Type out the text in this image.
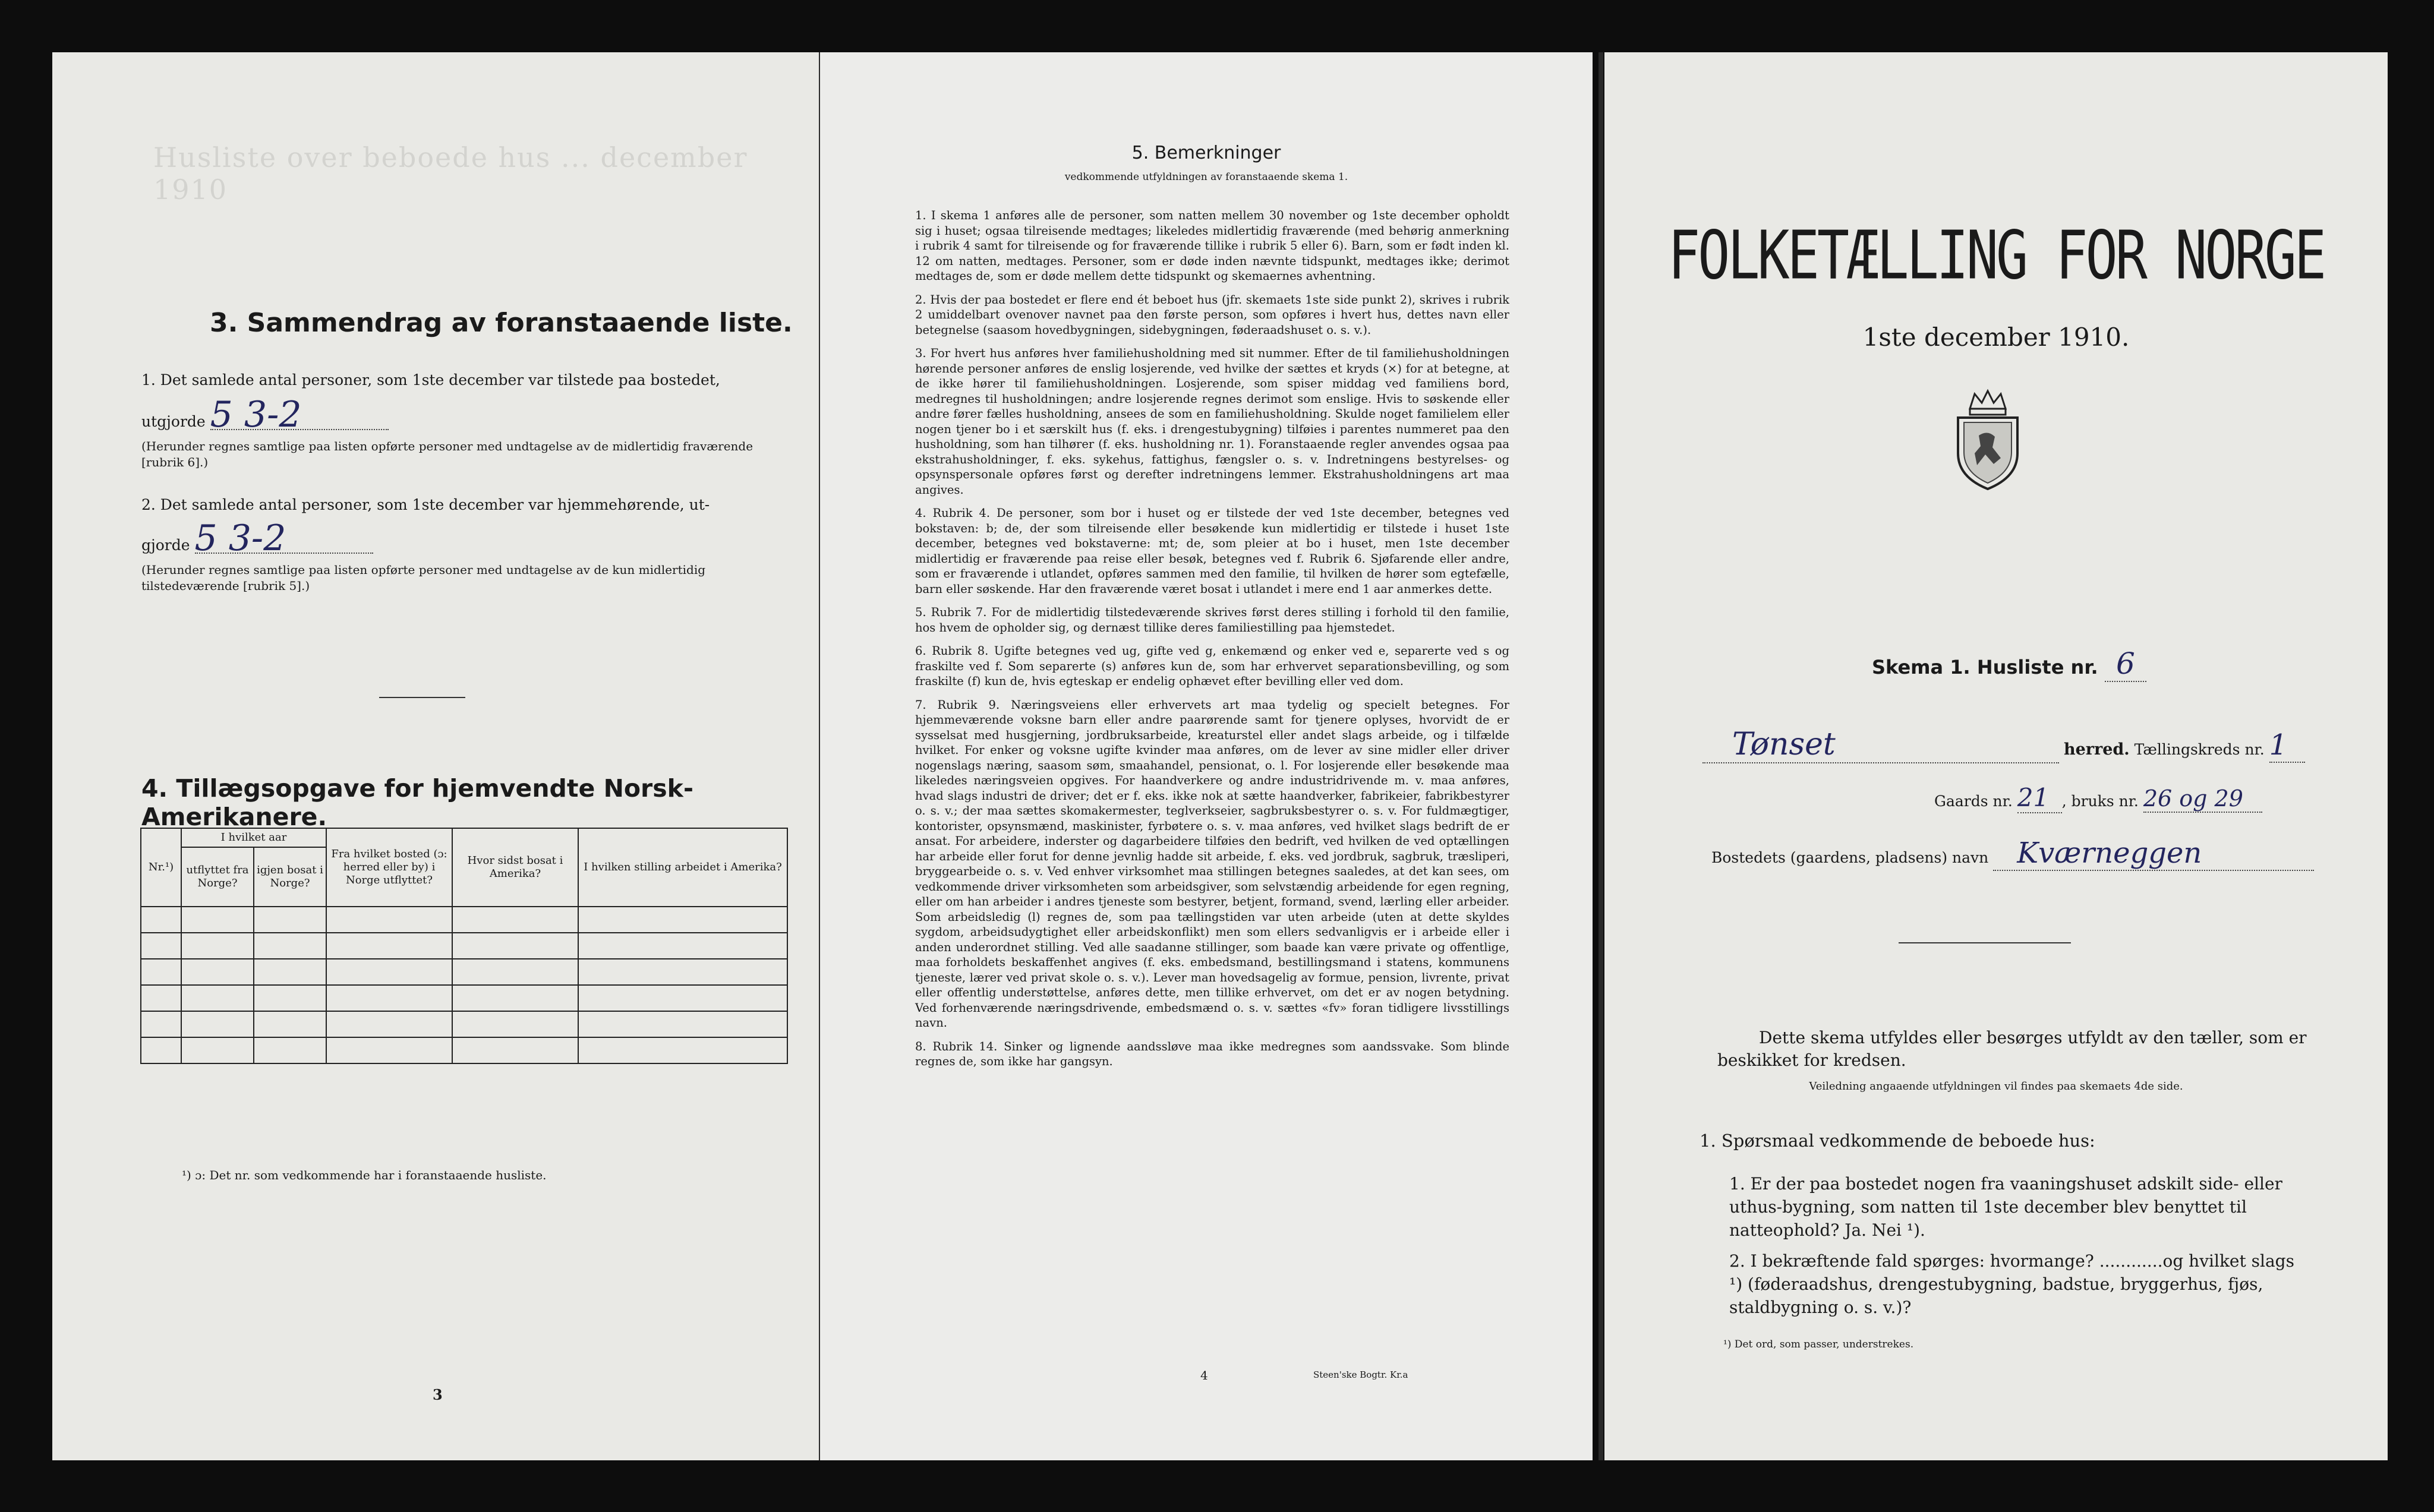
Husliste over beboede hus ... december 1910
3. Sammendrag av foranstaaende liste.
1. Det samlede antal personer, som 1ste december var tilstede paa bostedet,
utgjorde 5 3-2
(Herunder regnes samtlige paa listen opførte personer med undtagelse av de midlertidig fraværende [rubrik 6].)
2. Det samlede antal personer, som 1ste december var hjemmehørende, ut-
gjorde 5 3-2
(Herunder regnes samtlige paa listen opførte personer med undtagelse av de kun midlertidig tilstedeværende [rubrik 5].)
4. Tillægsopgave for hjemvendte Norsk-Amerikanere.
Nr.¹)	I hvilket aar		Fra hvilket bosted (ɔ: herred eller by) i Norge utflyttet?	Hvor sidst bosat i Amerika?	I hvilken stilling arbeidet i Amerika?
	utflyttet fra Norge?	igjen bosat i Norge?			

¹) ɔ: Det nr. som vedkommende har i foranstaaende husliste.
3
5. Bemerkninger
vedkommende utfyldningen av foranstaaende skema 1.

1. I skema 1 anføres alle de personer, som natten mellem 30 november og 1ste december opholdt sig i huset; ogsaa tilreisende medtages; likeledes midlertidig fraværende (med behørig anmerkning i rubrik 4 samt for tilreisende og for fraværende tillike i rubrik 5 eller 6). Barn, som er født inden kl. 12 om natten, medtages. Personer, som er døde inden nævnte tidspunkt, medtages ikke; derimot medtages de, som er døde mellem dette tidspunkt og skemaernes avhentning.

2. Hvis der paa bostedet er flere end ét beboet hus (jfr. skemaets 1ste side punkt 2), skrives i rubrik 2 umiddelbart ovenover navnet paa den første person, som opføres i hvert hus, dettes navn eller betegnelse (saasom hovedbygningen, sidebygningen, føderaadshuset o. s. v.).

3. For hvert hus anføres hver familiehusholdning med sit nummer. Efter de til familiehusholdningen hørende personer anføres de enslig losjerende, ved hvilke der sættes et kryds (×) for at betegne, at de ikke hører til familiehusholdningen. Losjerende, som spiser middag ved familiens bord, medregnes til husholdningen; andre losjerende regnes derimot som enslige. Hvis to søskende eller andre fører fælles husholdning, ansees de som en familiehusholdning. Skulde noget familielem eller nogen tjener bo i et særskilt hus (f. eks. i drengestubygning) tilføies i parentes nummeret paa den husholdning, som han tilhører (f. eks. husholdning nr. 1). Foranstaaende regler anvendes ogsaa paa ekstrahusholdninger, f. eks. sykehus, fattighus, fængsler o. s. v. Indretningens bestyrelses- og opsynspersonale opføres først og derefter indretningens lemmer. Ekstrahusholdningens art maa angives.

4. Rubrik 4. De personer, som bor i huset og er tilstede der ved 1ste december, betegnes ved bokstaven: b; de, der som tilreisende eller besøkende kun midlertidig er tilstede i huset 1ste december, betegnes ved bokstaverne: mt; de, som pleier at bo i huset, men 1ste december midlertidig er fraværende paa reise eller besøk, betegnes ved f. Rubrik 6. Sjøfarende eller andre, som er fraværende i utlandet, opføres sammen med den familie, til hvilken de hører som egtefælle, barn eller søskende. Har den fraværende været bosat i utlandet i mere end 1 aar anmerkes dette.

5. Rubrik 7. For de midlertidig tilstedeværende skrives først deres stilling i forhold til den familie, hos hvem de opholder sig, og dernæst tillike deres familiestilling paa hjemstedet.

6. Rubrik 8. Ugifte betegnes ved ug, gifte ved g, enkemænd og enker ved e, separerte ved s og fraskilte ved f. Som separerte (s) anføres kun de, som har erhvervet separationsbevilling, og som fraskilte (f) kun de, hvis egteskap er endelig ophævet efter bevilling eller ved dom.

7. Rubrik 9. Næringsveiens eller erhvervets art maa tydelig og specielt betegnes. For hjemmeværende voksne barn eller andre paarørende samt for tjenere oplyses, hvorvidt de er sysselsat med husgjerning, jordbruksarbeide, kreaturstel eller andet slags arbeide, og i tilfælde hvilket. For enker og voksne ugifte kvinder maa anføres, om de lever av sine midler eller driver nogenslags næring, saasom søm, smaahandel, pensionat, o. l. For losjerende eller besøkende maa likeledes næringsveien opgives. For haandverkere og andre industridrivende m. v. maa anføres, hvad slags industri de driver; det er f. eks. ikke nok at sætte haandverker, fabrikeier, fabrikbestyrer o. s. v.; der maa sættes skomakermester, teglverkseier, sagbruksbestyrer o. s. v. For fuldmægtiger, kontorister, opsynsmænd, maskinister, fyrbøtere o. s. v. maa anføres, ved hvilket slags bedrift de er ansat. For arbeidere, inderster og dagarbeidere tilføies den bedrift, ved hvilken de ved optællingen har arbeide eller forut for denne jevnlig hadde sit arbeide, f. eks. ved jordbruk, sagbruk, træsliperi, bryggearbeide o. s. v. Ved enhver virksomhet maa stillingen betegnes saaledes, at det kan sees, om vedkommende driver virksomheten som arbeidsgiver, som selvstændig arbeidende for egen regning, eller om han arbeider i andres tjeneste som bestyrer, betjent, formand, svend, lærling eller arbeider. Som arbeidsledig (l) regnes de, som paa tællingstiden var uten arbeide (uten at dette skyldes sygdom, arbeidsudygtighet eller arbeidskonflikt) men som ellers sedvanligvis er i arbeide eller i anden underordnet stilling. Ved alle saadanne stillinger, som baade kan være private og offentlige, maa forholdets beskaffenhet angives (f. eks. embedsmand, bestillingsmand i statens, kommunens tjeneste, lærer ved privat skole o. s. v.). Lever man hovedsagelig av formue, pension, livrente, privat eller offentlig understøttelse, anføres dette, men tillike erhvervet, om det er av nogen betydning. Ved forhenværende næringsdrivende, embedsmænd o. s. v. sættes «fv» foran tidligere livsstillings navn.

8. Rubrik 14. Sinker og lignende aandssløve maa ikke medregnes som aandssvake. Som blinde regnes de, som ikke har gangsyn.

4	Steen'ske Bogtr. Kr.a
FOLKETÆLLING FOR NORGE
1ste december 1910.
Skema 1. Husliste nr. 6
Tønset	herred. Tællingskreds nr. 1
Gaards nr. 21 , bruks nr. 26 og 29
Bostedets (gaardens, pladsens) navn Kværneggen
Dette skema utfyldes eller besørges utfyldt av den tæller, som er beskikket for kredsen.
Veiledning angaaende utfyldningen vil findes paa skemaets 4de side.
1. Spørsmaal vedkommende de beboede hus:
1. Er der paa bostedet nogen fra vaaningshuset adskilt side- eller uthus-bygning, som natten til 1ste december blev benyttet til natteophold? Ja. Nei ¹).
2. I bekræftende fald spørges: hvormange? ............og hvilket slags ¹) (føderaadshus, drengestubygning, badstue, bryggerhus, fjøs, staldbygning o. s. v.)?
¹) Det ord, som passer, understrekes.
